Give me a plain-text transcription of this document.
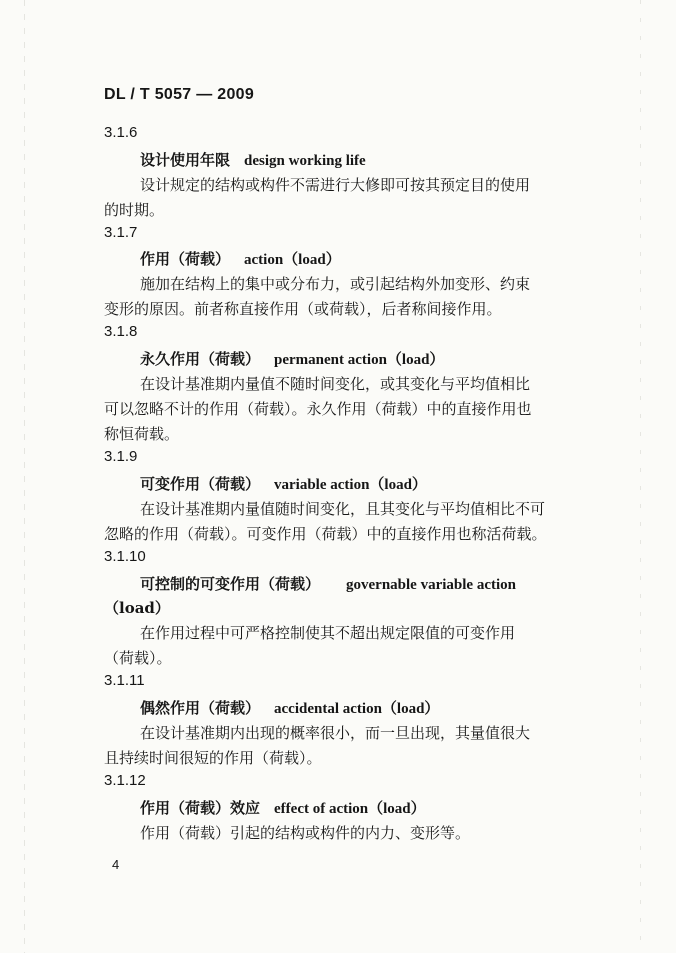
DL / T 5057 — 2009
3.1.6
设计使用年限 design working life
设计规定的结构或构件不需进行大修即可按其预定目的使用
的时期。
3.1.7
作用（荷载） action（load）
施加在结构上的集中或分布力，或引起结构外加变形、约束
变形的原因。前者称直接作用（或荷载），后者称间接作用。
3.1.8
永久作用（荷载） permanent action（load）
在设计基准期内量值不随时间变化，或其变化与平均值相比
可以忽略不计的作用（荷载）。永久作用（荷载）中的直接作用也
称恒荷载。
3.1.9
可变作用（荷载） variable action（load）
在设计基准期内量值随时间变化，且其变化与平均值相比不可
忽略的作用（荷载）。可变作用（荷载）中的直接作用也称活荷载。
3.1.10
可控制的可变作用（荷载） governable variable action
（load）
在作用过程中可严格控制使其不超出规定限值的可变作用
（荷载）。
3.1.11
偶然作用（荷载） accidental action（load）
在设计基准期内出现的概率很小，而一旦出现，其量值很大
且持续时间很短的作用（荷载）。
3.1.12
作用（荷载）效应 effect of action（load）
作用（荷载）引起的结构或构件的内力、变形等。
4
